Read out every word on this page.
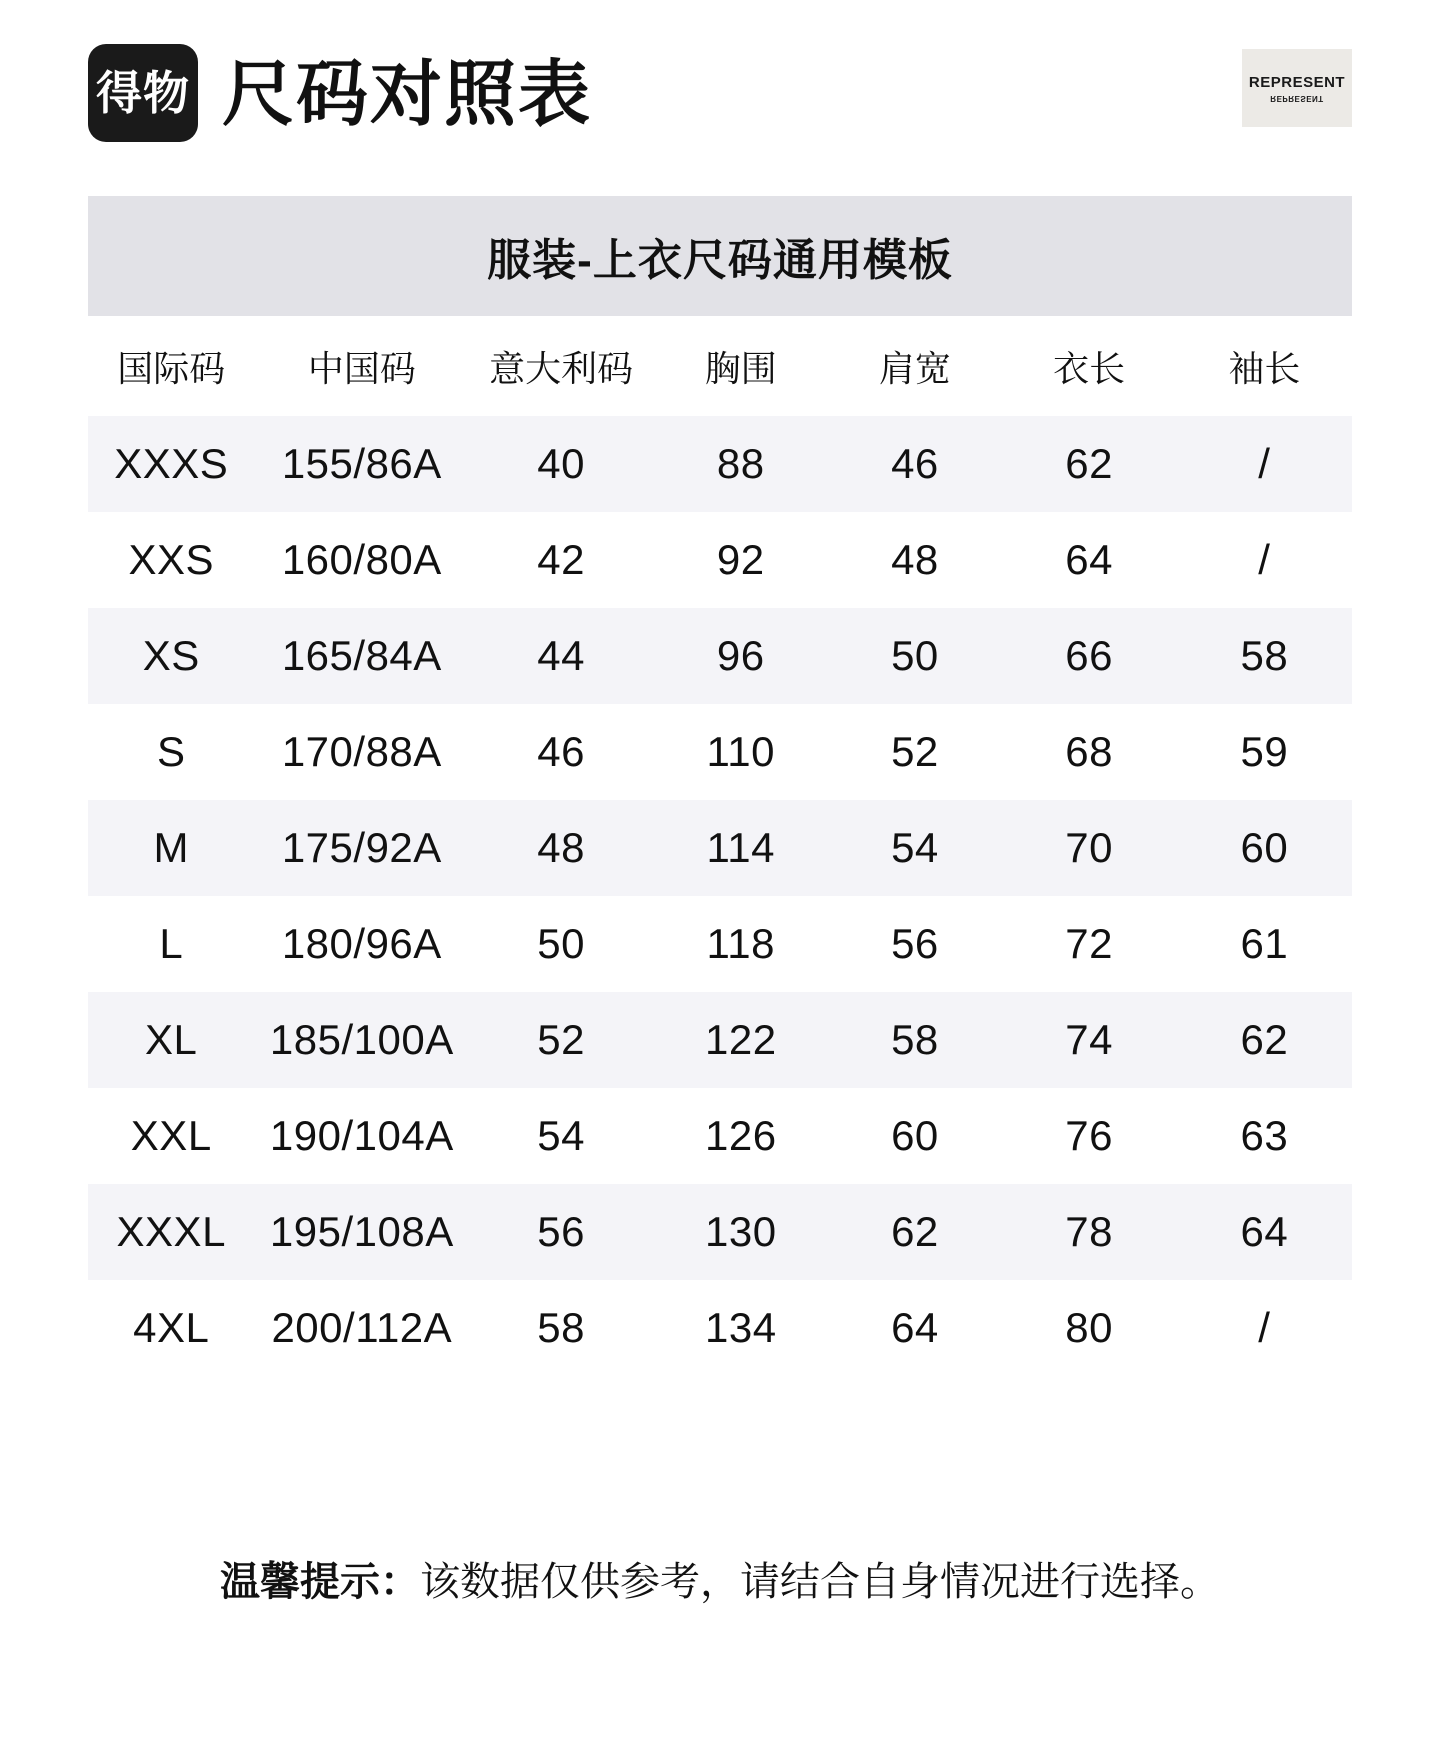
得物 尺码对照表	REPRESENT
REPRESENT
服装-上衣尺码通用模板
国际码	中国码	意大利码	胸围	肩宽	衣长	袖长
XXXS	155/86A	40	88	46	62	/
XXS	160/80A	42	92	48	64	/
XS	165/84A	44	96	50	66	58
S	170/88A	46	110	52	68	59
M	175/92A	48	114	54	70	60
L	180/96A	50	118	56	72	61
XL	185/100A	52	122	58	74	62
XXL	190/104A	54	126	60	76	63
XXXL	195/108A	56	130	62	78	64
4XL	200/112A	58	134	64	80	/
温馨提示：该数据仅供参考，请结合自身情况进行选择。
